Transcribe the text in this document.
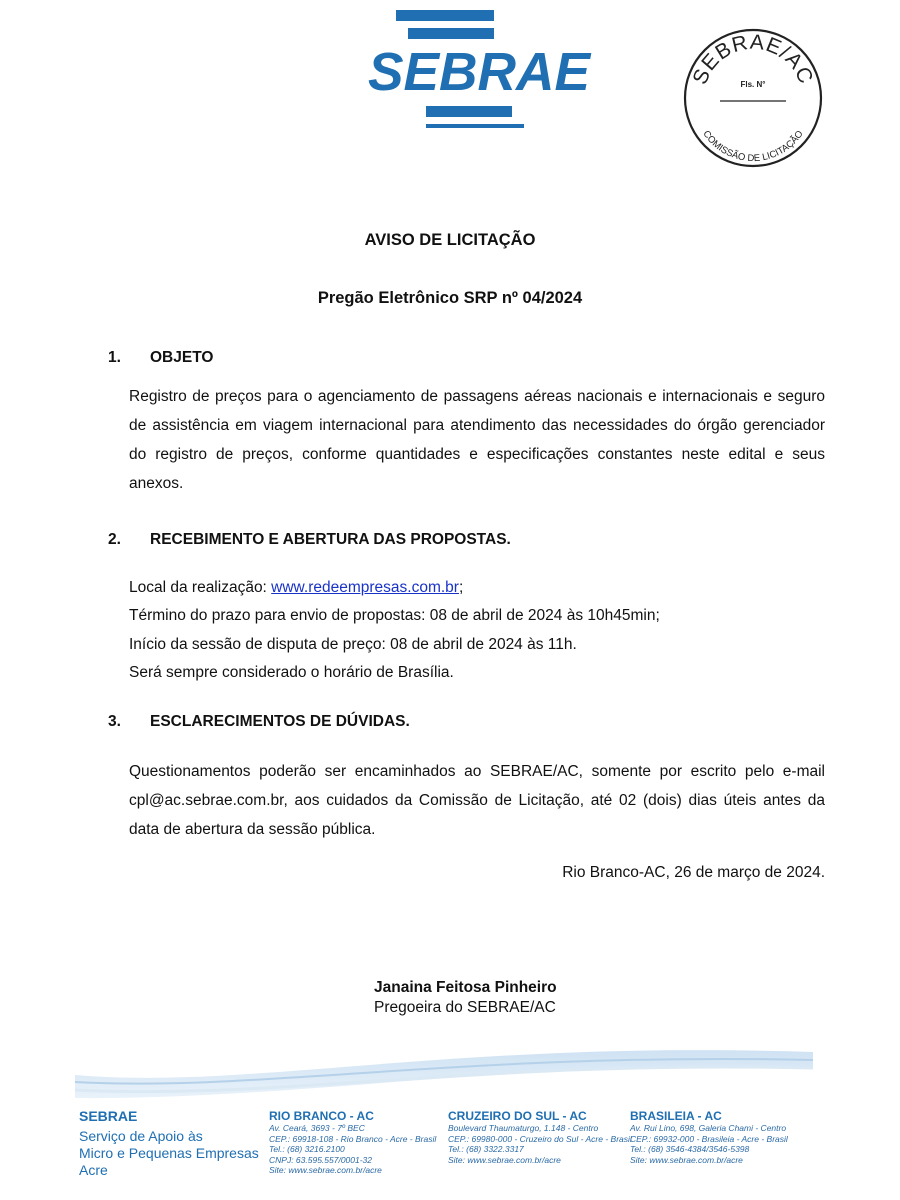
SEBRAE	SEBRAE/AC
Fls. N°
COMISSÃO DE LICITAÇÃO
AVISO DE LICITAÇÃO
Pregão Eletrônico SRP nº 04/2024
1. OBJETO

Registro de preços para o agenciamento de passagens aéreas nacionais e internacionais e seguro de assistência em viagem internacional para atendimento das necessidades do órgão gerenciador do registro de preços, conforme quantidades e especificações constantes neste edital e seus anexos.

2. RECEBIMENTO E ABERTURA DAS PROPOSTAS.
Local da realização: www.redeempresas.com.br;
Término do prazo para envio de propostas: 08 de abril de 2024 às 10h45min;
Início da sessão de disputa de preço: 08 de abril de 2024 às 11h.
Será sempre considerado o horário de Brasília.
3. ESCLARECIMENTOS DE DÚVIDAS.

Questionamentos poderão ser encaminhados ao SEBRAE/AC, somente por escrito pelo e-mail cpl@ac.sebrae.com.br, aos cuidados da Comissão de Licitação, até 02 (dois) dias úteis antes da data de abertura da sessão pública.

Rio Branco-AC, 26 de março de 2024.
Janaina Feitosa Pinheiro
Pregoeira do SEBRAE/AC
SEBRAE
Serviço de Apoio às
Micro e Pequenas Empresas
Acre
RIO BRANCO - AC
Av. Ceará, 3693 - 7º BEC
CEP.: 69918-108 - Rio Branco - Acre - Brasil
Tel.: (68) 3216.2100
CNPJ: 63.595.557/0001-32
Site: www.sebrae.com.br/acre
CRUZEIRO DO SUL - AC
Boulevard Thaumaturgo, 1.148 - Centro
CEP.: 69980-000 - Cruzeiro do Sul - Acre - Brasil
Tel.: (68) 3322.3317
Site: www.sebrae.com.br/acre
BRASILEIA - AC
Av. Rui Lino, 698, Galeria Chami - Centro
CEP.: 69932-000 - Brasileia - Acre - Brasil
Tel.: (68) 3546-4384/3546-5398
Site: www.sebrae.com.br/acre
